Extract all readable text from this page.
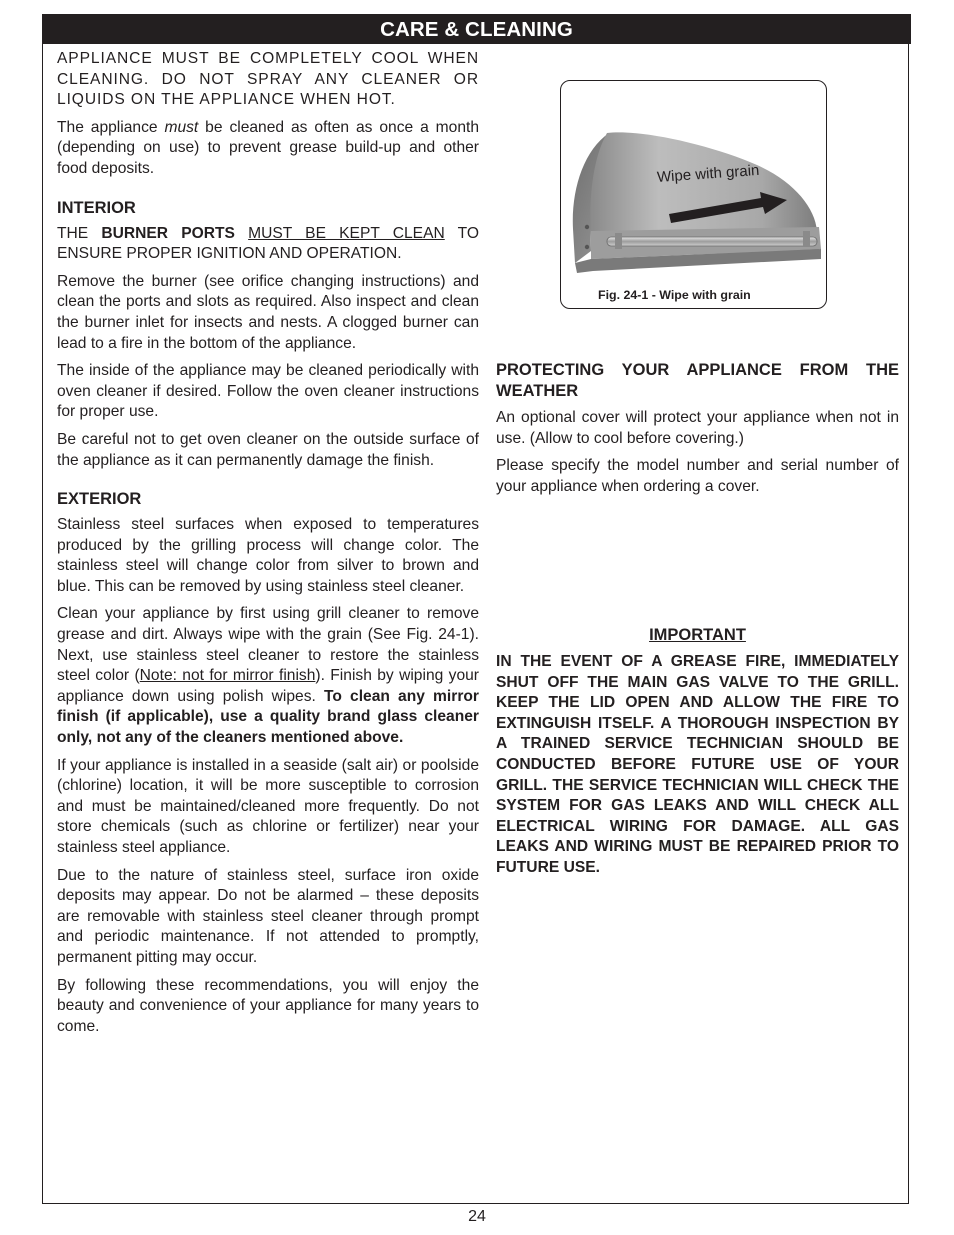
CARE & CLEANING

APPLIANCE MUST BE COMPLETELY COOL WHEN CLEANING. DO NOT SPRAY ANY CLEANER OR LIQUIDS ON THE APPLIANCE WHEN HOT.

The appliance must be cleaned as often as once a month (depending on use) to prevent grease build-up and other food deposits.

INTERIOR

THE BURNER PORTS MUST BE KEPT CLEAN TO ENSURE PROPER IGNITION AND OPERATION.

Remove the burner (see orifice changing instructions) and clean the ports and slots as required. Also inspect and clean the burner inlet for insects and nests. A clogged burner can lead to a fire in the bottom of the appliance.

The inside of the appliance may be cleaned periodically with oven cleaner if desired. Follow the oven cleaner instructions for proper use.

Be careful not to get oven cleaner on the outside surface of the appliance as it can permanently damage the finish.

EXTERIOR

Stainless steel surfaces when exposed to temperatures produced by the grilling process will change color. The stainless steel will change color from silver to brown and blue. This can be removed by using stainless steel cleaner.

Clean your appliance by first using grill cleaner to remove grease and dirt. Always wipe with the grain (See Fig. 24-1). Next, use stainless steel cleaner to restore the stainless steel color (Note: not for mirror finish). Finish by wiping your appliance down using polish wipes. To clean any mirror finish (if applicable), use a quality brand glass cleaner only, not any of the cleaners mentioned above.

If your appliance is installed in a seaside (salt air) or poolside (chlorine) location, it will be more susceptible to corrosion and must be maintained/cleaned more frequently. Do not store chemicals (such as chlorine or fertilizer) near your stainless steel appliance.

Due to the nature of stainless steel, surface iron oxide deposits may appear. Do not be alarmed – these deposits are removable with stainless steel cleaner through prompt and periodic maintenance. If not attended to promptly, permanent pitting may occur.

By following these recommendations, you will enjoy the beauty and convenience of your appliance for many years to come.

Wipe with grain
Fig. 24-1 - Wipe with grain
PROTECTING YOUR APPLIANCE FROM THE WEATHER

An optional cover will protect your appliance when not in use. (Allow to cool before covering.)

Please specify the model number and serial number of your appliance when ordering a cover.

IMPORTANT
IN THE EVENT OF A GREASE FIRE, IMMEDIATELY SHUT OFF THE MAIN GAS VALVE TO THE GRILL. KEEP THE LID OPEN AND ALLOW THE FIRE TO EXTINGUISH ITSELF. A THOROUGH INSPECTION BY A TRAINED SERVICE TECHNICIAN SHOULD BE CONDUCTED BEFORE FUTURE USE OF YOUR GRILL. THE SERVICE TECHNICIAN WILL CHECK THE SYSTEM FOR GAS LEAKS AND WILL CHECK ALL ELECTRICAL WIRING FOR DAMAGE. ALL GAS LEAKS AND WIRING MUST BE REPAIRED PRIOR TO FUTURE USE.
24
